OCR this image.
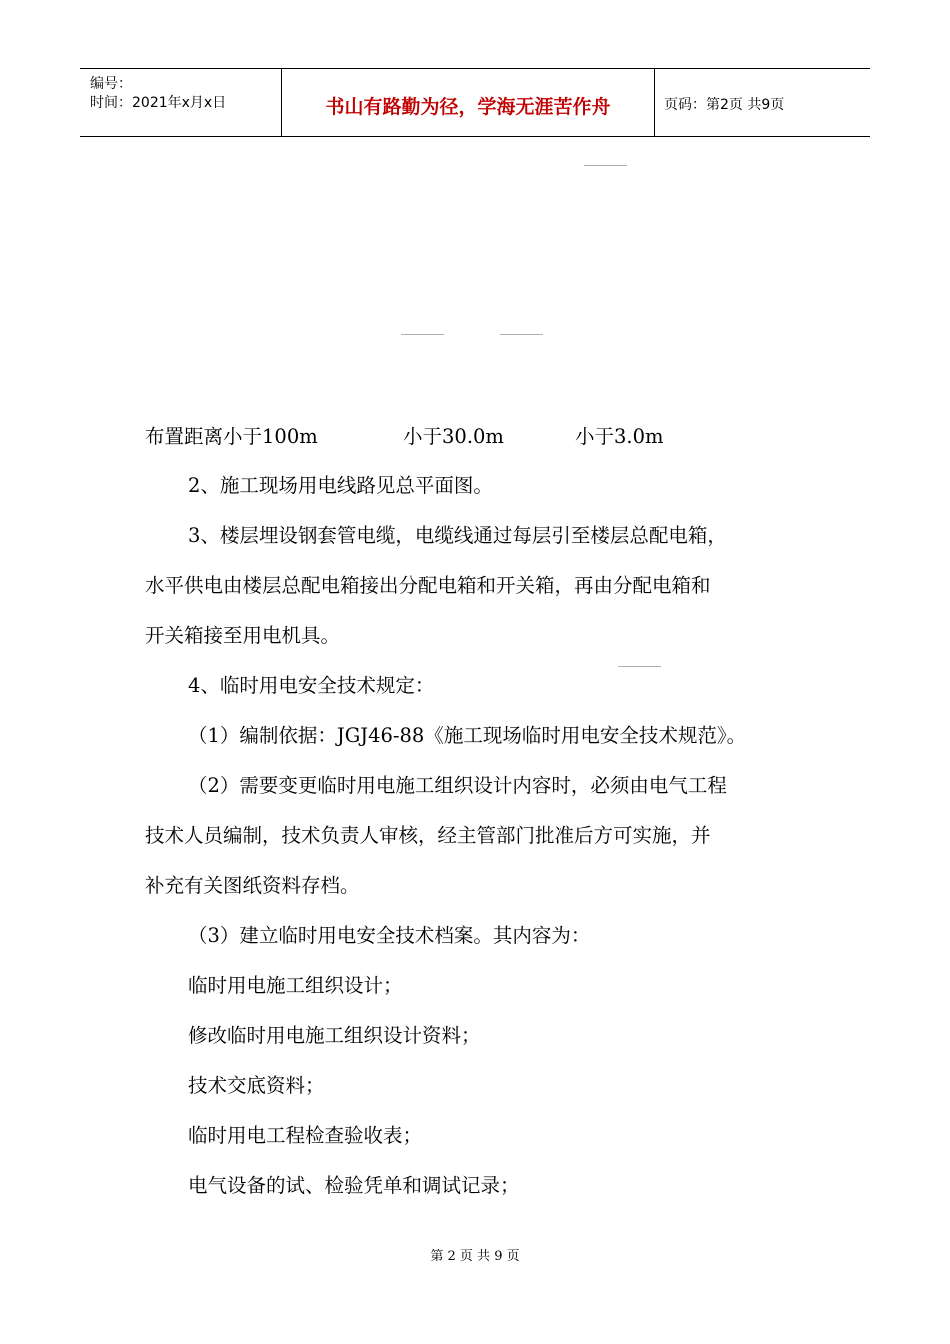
编号：
时间：2021年x月x日	书山有路勤为径，学海无涯苦作舟	页码：第2页 共9页
布置距离小于100m	小于30.0m	小于3.0m
2、施工现场用电线路见总平面图。
3、楼层埋设钢套管电缆，电缆线通过每层引至楼层总配电箱，
水平供电由楼层总配电箱接出分配电箱和开关箱，再由分配电箱和
开关箱接至用电机具。
4、临时用电安全技术规定：
（1）编制依据：JGJ46-88《施工现场临时用电安全技术规范》。
（2）需要变更临时用电施工组织设计内容时，必须由电气工程
技术人员编制，技术负责人审核，经主管部门批准后方可实施，并
补充有关图纸资料存档。
（3）建立临时用电安全技术档案。其内容为：
临时用电施工组织设计；
修改临时用电施工组织设计资料；
技术交底资料；
临时用电工程检查验收表；
电气设备的试、检验凭单和调试记录；
第 2 页 共 9 页
